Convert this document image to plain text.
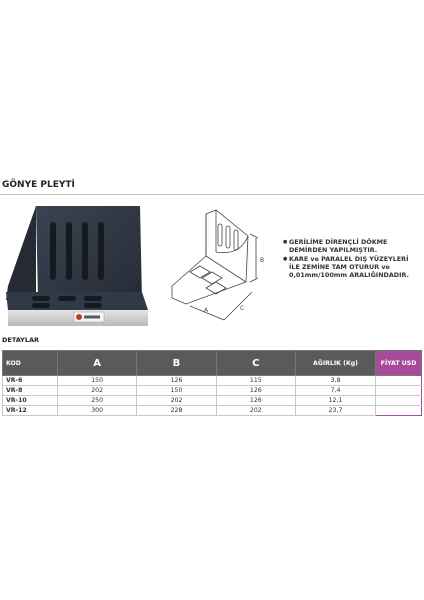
GÖNYE PLEYTİ
B
A	C
● GERİLİME DİRENÇLİ DÖKME DEMİRDEN YAPILMIŞTIR.
● KARE ve PARALEL DIŞ YÜZEYLERİ İLE ZEMİNE TAM OTURUR ve 0,01mm/100mm ARALIĞINDADIR.
DETAYLAR
KOD	A	B	C	AĞIRLIK (Kg)	FİYAT USD
VR-6	150	126	115	3,8	
VR-8	202	150	126	7,4	
VR-10	250	202	126	12,1	
VR-12	300	228	202	23,7	
